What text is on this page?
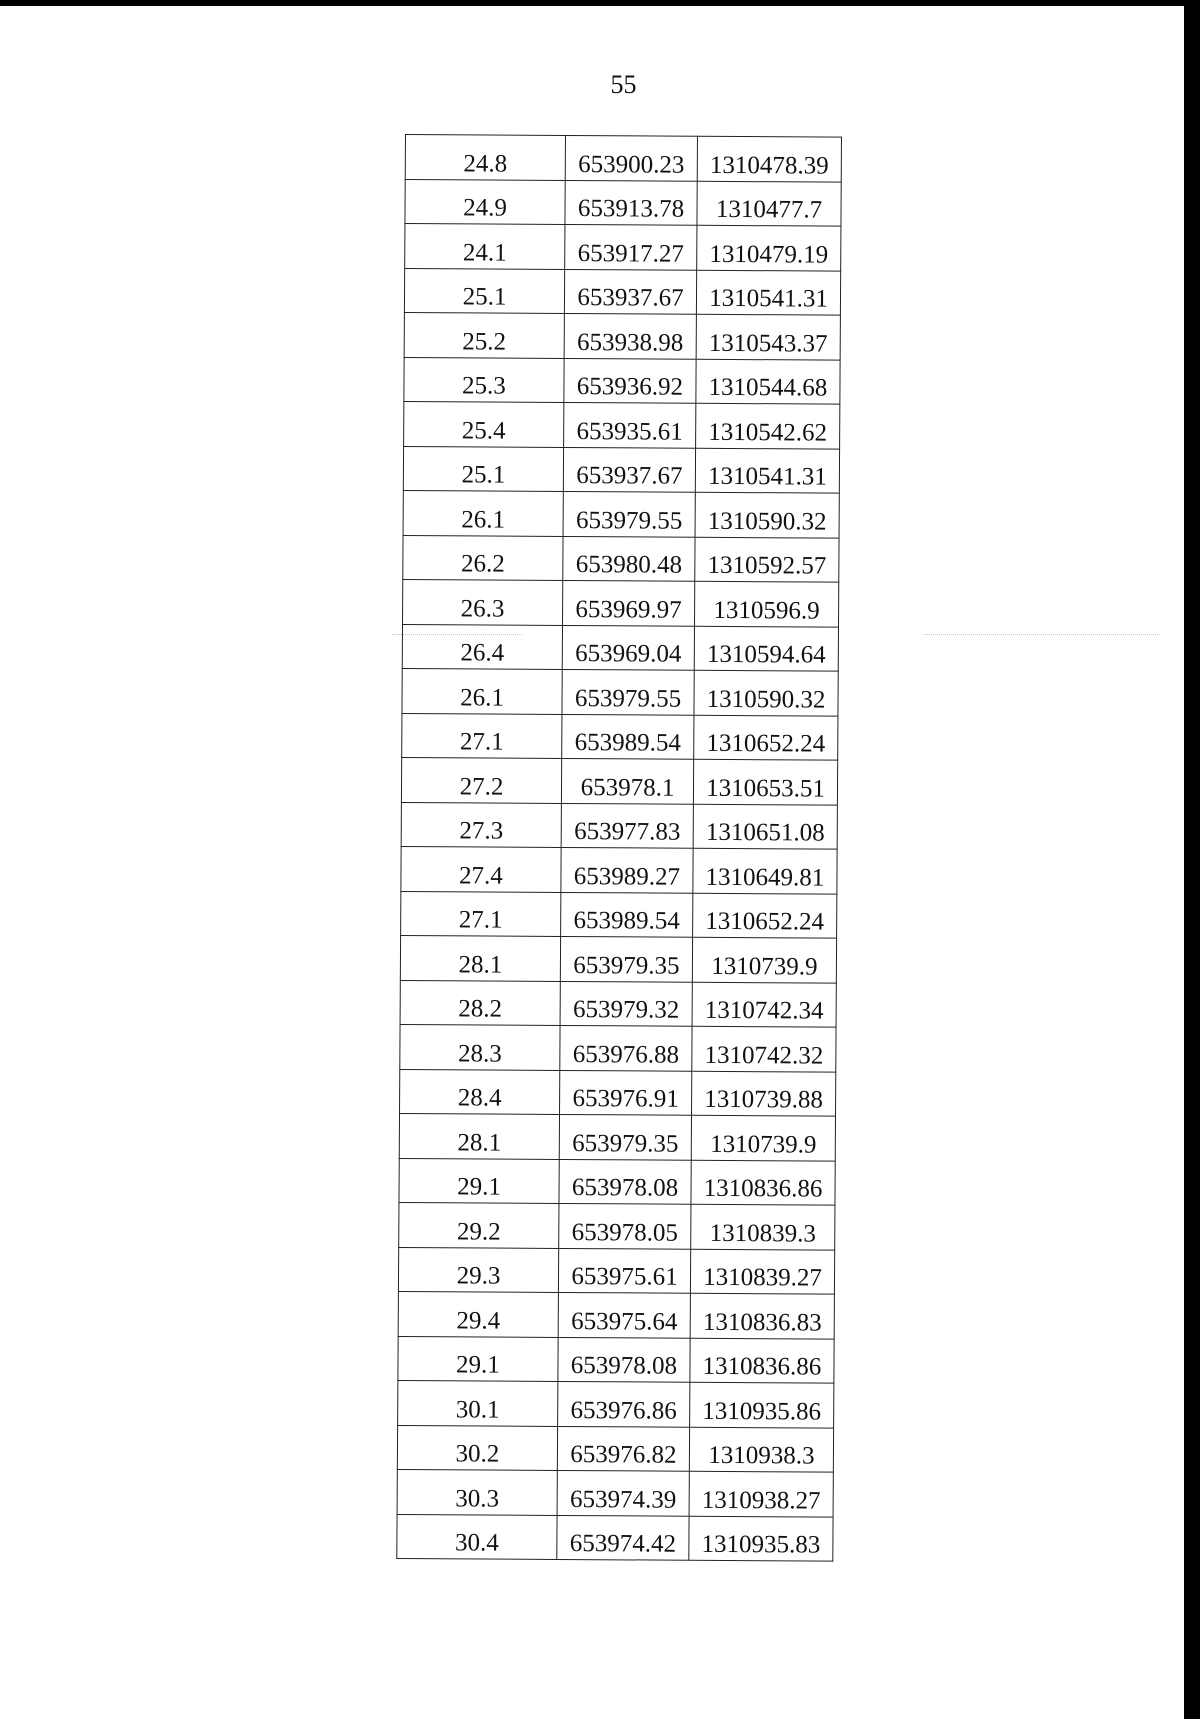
55
24.8	653900.23	1310478.39
24.9	653913.78	1310477.7
24.1	653917.27	1310479.19
25.1	653937.67	1310541.31
25.2	653938.98	1310543.37
25.3	653936.92	1310544.68
25.4	653935.61	1310542.62
25.1	653937.67	1310541.31
26.1	653979.55	1310590.32
26.2	653980.48	1310592.57
26.3	653969.97	1310596.9
26.4	653969.04	1310594.64
26.1	653979.55	1310590.32
27.1	653989.54	1310652.24
27.2	653978.1	1310653.51
27.3	653977.83	1310651.08
27.4	653989.27	1310649.81
27.1	653989.54	1310652.24
28.1	653979.35	1310739.9
28.2	653979.32	1310742.34
28.3	653976.88	1310742.32
28.4	653976.91	1310739.88
28.1	653979.35	1310739.9
29.1	653978.08	1310836.86
29.2	653978.05	1310839.3
29.3	653975.61	1310839.27
29.4	653975.64	1310836.83
29.1	653978.08	1310836.86
30.1	653976.86	1310935.86
30.2	653976.82	1310938.3
30.3	653974.39	1310938.27
30.4	653974.42	1310935.83
